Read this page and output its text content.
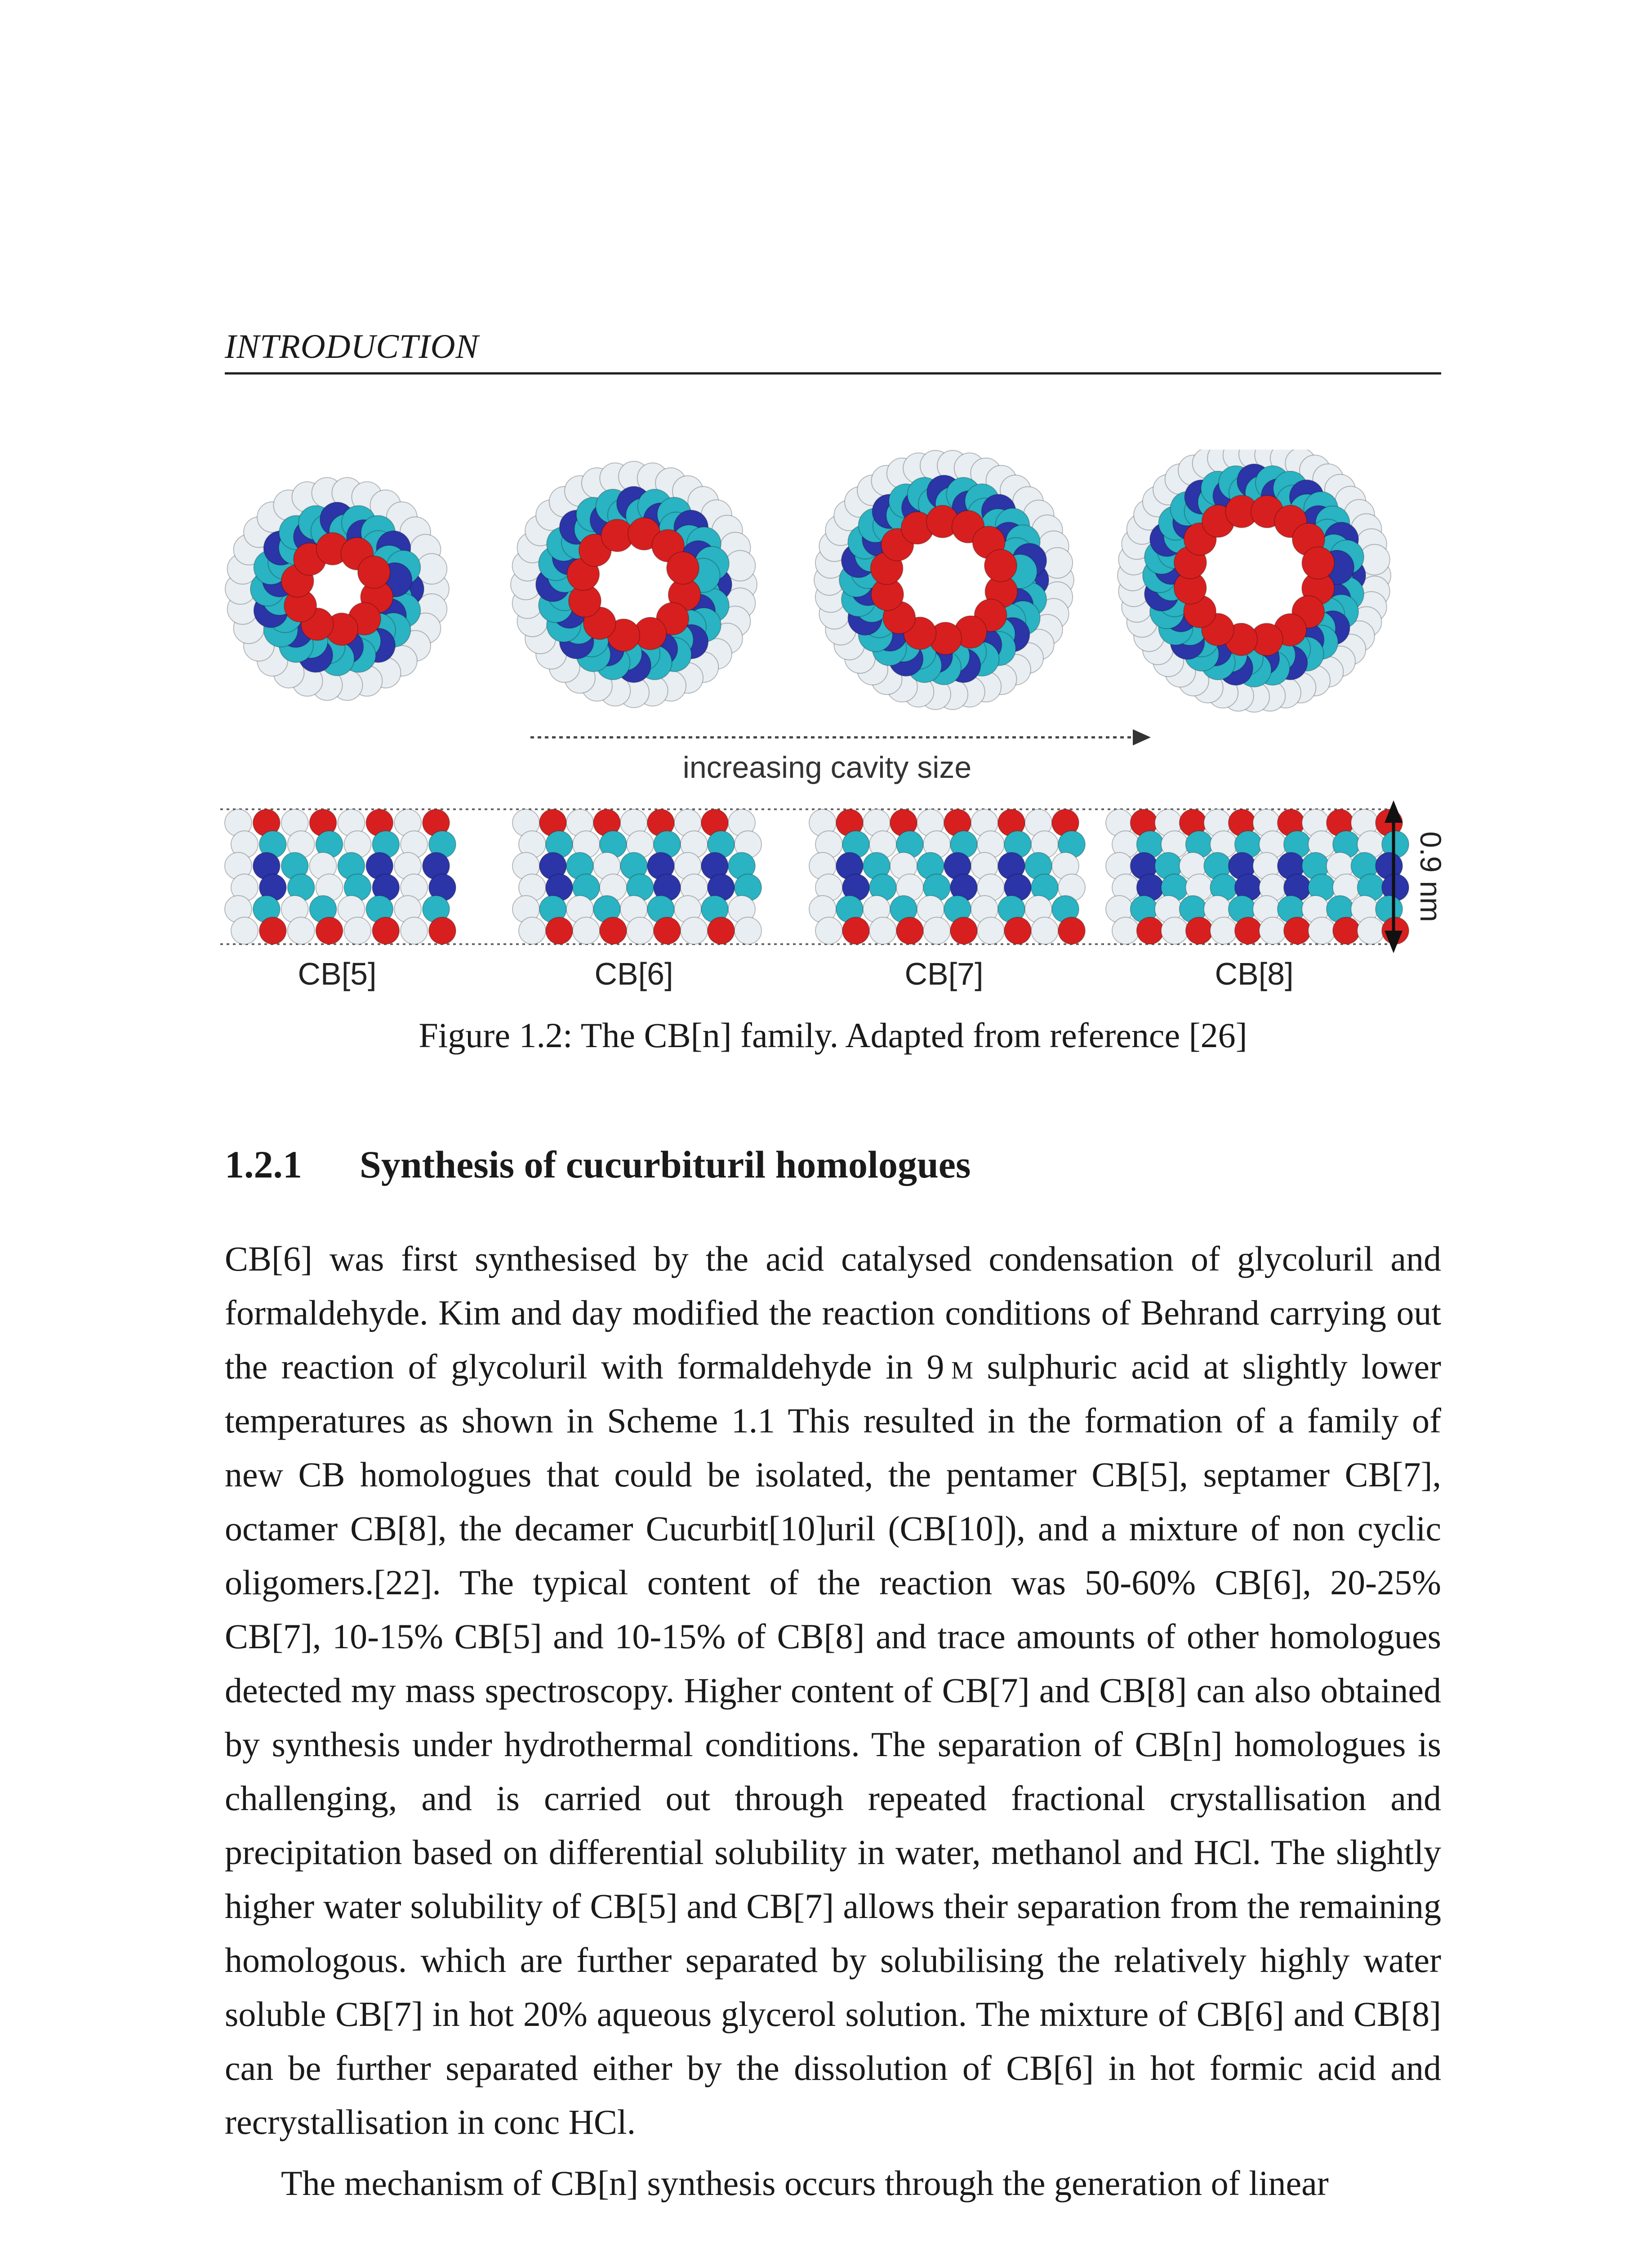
INTRODUCTION
increasing cavity size
0.9 nm
CB[5]	CB[6]	CB[7]	CB[8]
Figure 1.2: The CB[n] family. Adapted from reference [26]
1.2.1 Synthesis of cucurbituril homologues

CB[6] was first synthesised by the acid catalysed condensation of glycoluril and formaldehyde. Kim and day modified the reaction conditions of Behrand carrying out the reaction of glycoluril with formaldehyde in 9  m sulphuric acid at slightly lower temperatures as shown in Scheme 1.1 This resulted in the formation of a family of new CB homologues that could be isolated, the pentamer CB[5], septamer CB[7], octamer CB[8], the decamer Cucurbit[10]uril (CB[10]), and a mixture of non cyclic oligomers.[22]. The typical content of the reaction was 50-60% CB[6], 20-25% CB[7], 10-15% CB[5] and 10-15% of CB[8] and trace amounts of other homologues detected my mass spectroscopy. Higher content of CB[7] and CB[8] can also obtained by synthesis under hydrothermal conditions. The separation of CB[n] homologues is challenging, and is carried out through repeated fractional crystallisation and precipitation based on differential solubility in water, methanol and HCl. The slightly higher water solubility of CB[5] and CB[7] allows their separation from the remaining homologous. which are further separated by solubilising the relatively highly water soluble CB[7] in hot 20% aqueous glycerol solution. The mixture of CB[6] and CB[8] can be further separated either by the dissolution of CB[6] in hot formic acid and recrystallisation in conc HCl.

The mechanism of CB[n] synthesis occurs through the generation of linear
